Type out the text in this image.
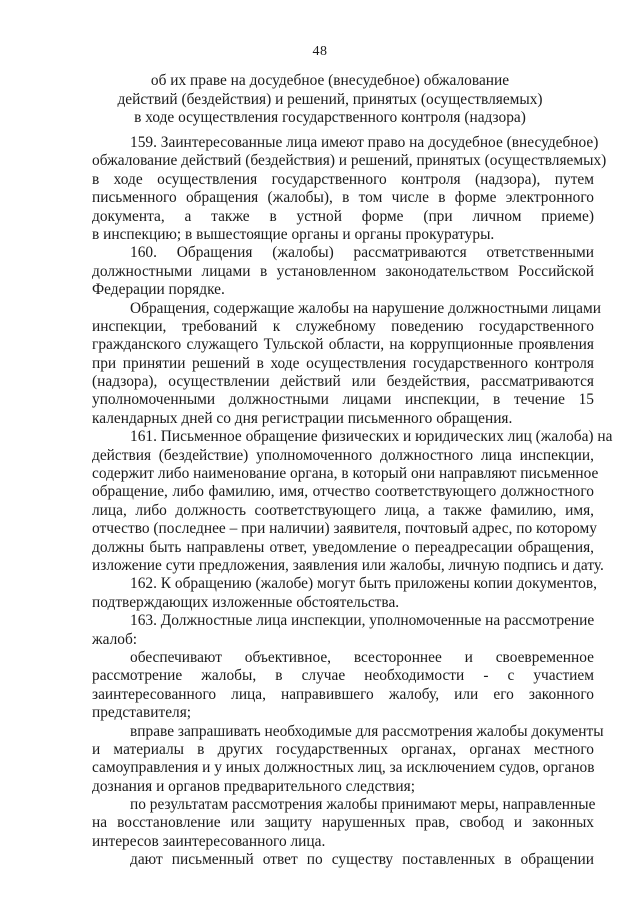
48
об их праве на досудебное (внесудебное) обжалование
действий (бездействия) и решений, принятых (осуществляемых)
в ходе осуществления государственного контроля (надзора)
159. Заинтересованные лица имеют право на досудебное (внесудебное)
обжалование действий (бездействия) и решений, принятых (осуществляемых)
в ходе осуществления государственного контроля (надзора), путем
письменного обращения (жалобы), в том числе в форме электронного
документа, а также в устной форме (при личном приеме)
в инспекцию; в вышестоящие органы и органы прокуратуры.
160. Обращения (жалобы) рассматриваются ответственными
должностными лицами в установленном законодательством Российской
Федерации порядке.
Обращения, содержащие жалобы на нарушение должностными лицами
инспекции, требований к служебному поведению государственного
гражданского служащего Тульской области, на коррупционные проявления
при принятии решений в ходе осуществления государственного контроля
(надзора), осуществлении действий или бездействия, рассматриваются
уполномоченными должностными лицами инспекции, в течение 15
календарных дней со дня регистрации письменного обращения.
161. Письменное обращение физических и юридических лиц (жалоба) на
действия (бездействие) уполномоченного должностного лица инспекции,
содержит либо наименование органа, в который они направляют письменное
обращение, либо фамилию, имя, отчество соответствующего должностного
лица, либо должность соответствующего лица, а также фамилию, имя,
отчество (последнее – при наличии) заявителя, почтовый адрес, по которому
должны быть направлены ответ, уведомление о переадресации обращения,
изложение сути предложения, заявления или жалобы, личную подпись и дату.
162. К обращению (жалобе) могут быть приложены копии документов,
подтверждающих изложенные обстоятельства.
163. Должностные лица инспекции, уполномоченные на рассмотрение
жалоб:
обеспечивают объективное, всестороннее и своевременное
рассмотрение жалобы, в случае необходимости - с участием
заинтересованного лица, направившего жалобу, или его законного
представителя;
вправе запрашивать необходимые для рассмотрения жалобы документы
и материалы в других государственных органах, органах местного
самоуправления и у иных должностных лиц, за исключением судов, органов
дознания и органов предварительного следствия;
по результатам рассмотрения жалобы принимают меры, направленные
на восстановление или защиту нарушенных прав, свобод и законных
интересов заинтересованного лица.
дают письменный ответ по существу поставленных в обращении
